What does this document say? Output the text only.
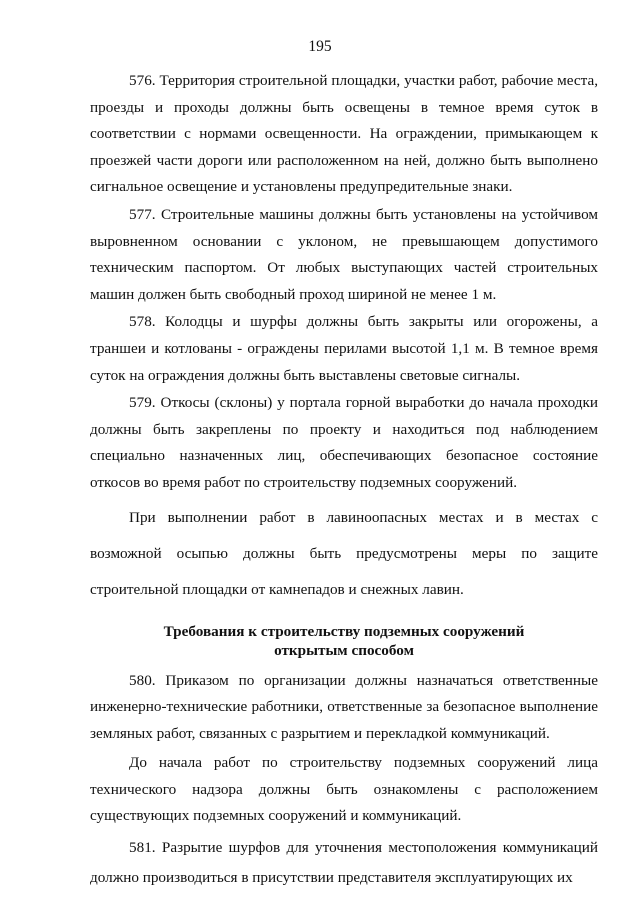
195

576. Территория строительной площадки, участки работ, рабочие места, проезды и проходы должны быть освещены в темное время суток в соответствии с нормами освещенности. На ограждении, примыкающем к проезжей части дороги или расположенном на ней, должно быть выполнено сигнальное освещение и установлены предупредительные знаки.

577. Строительные машины должны быть установлены на устойчивом выровненном основании с уклоном, не превышающем допустимого техническим паспортом. От любых выступающих частей строительных машин должен быть свободный проход шириной не менее 1 м.

578. Колодцы и шурфы должны быть закрыты или огорожены, а траншеи и котлованы - ограждены перилами высотой 1,1 м. В темное время суток на ограждения должны быть выставлены световые сигналы.

579. Откосы (склоны) у портала горной выработки до начала проходки должны быть закреплены по проекту и находиться под наблюдением специально назначенных лиц, обеспечивающих безопасное состояние откосов во время работ по строительству подземных сооружений.

При выполнении работ в лавиноопасных местах и в местах с возможной осыпью должны быть предусмотрены меры по защите строительной площадки от камнепадов и снежных лавин.

Требования к строительству подземных сооружений
открытым способом

580. Приказом по организации должны назначаться ответственные инженерно-технические работники, ответственные за безопасное выполнение земляных работ, связанных с разрытием и перекладкой коммуникаций.

До начала работ по строительству подземных сооружений лица технического надзора должны быть ознакомлены с расположением существующих подземных сооружений и коммуникаций.

581. Разрытие шурфов для уточнения местоположения коммуникаций должно производиться в присутствии представителя эксплуатирующих их
